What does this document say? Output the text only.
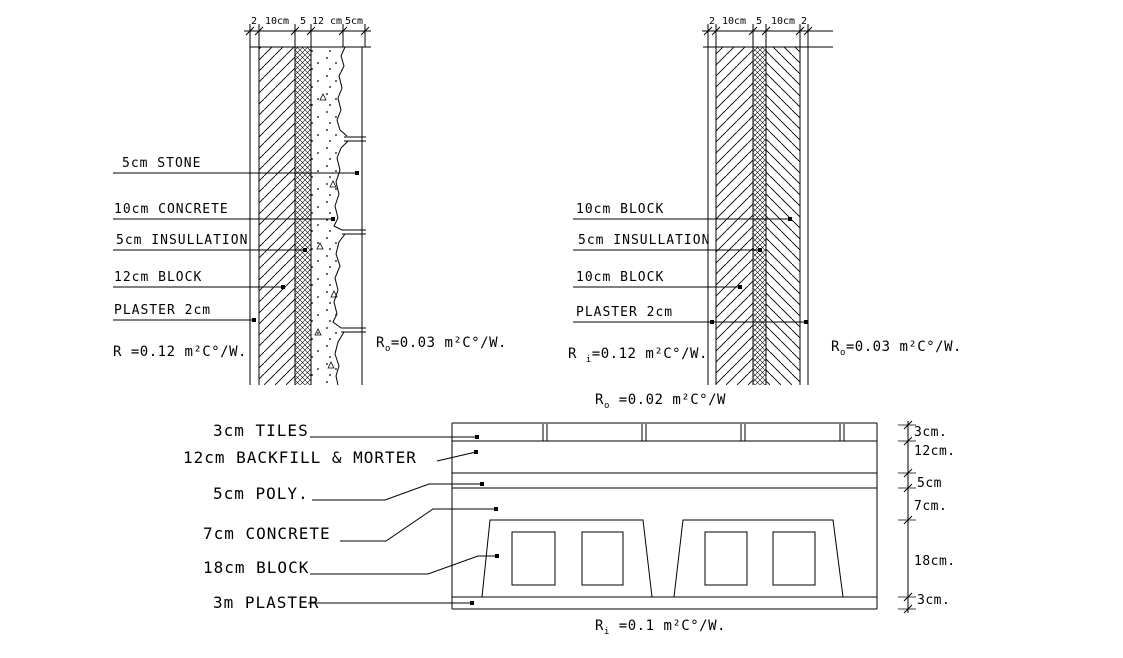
2 10cm 5 12 cm 5cm
5cm STONE
10cm CONCRETE
5cm INSULLATION
12cm BLOCK
PLASTER 2cm
R =0.12 m²C°/W.
$R_o=0.03$ m²C°/W.
2 10cm 5 10cm 2
10cm BLOCK
5cm INSULLATION
10cm BLOCK
PLASTER 2cm
R $_i$=0.12 m²C°/W.	$R_o=0.03$ m²C°/W.
$R_o =0.02$ m²C°/W
3cm TILES
12cm BACKFILL & MORTER
5cm POLY.
7cm CONCRETE
18cm BLOCK
3m PLASTER
3cm.
12cm.
5cm
7cm.
18cm.
3cm.
$R_i =0.1$ m²C°/W.
